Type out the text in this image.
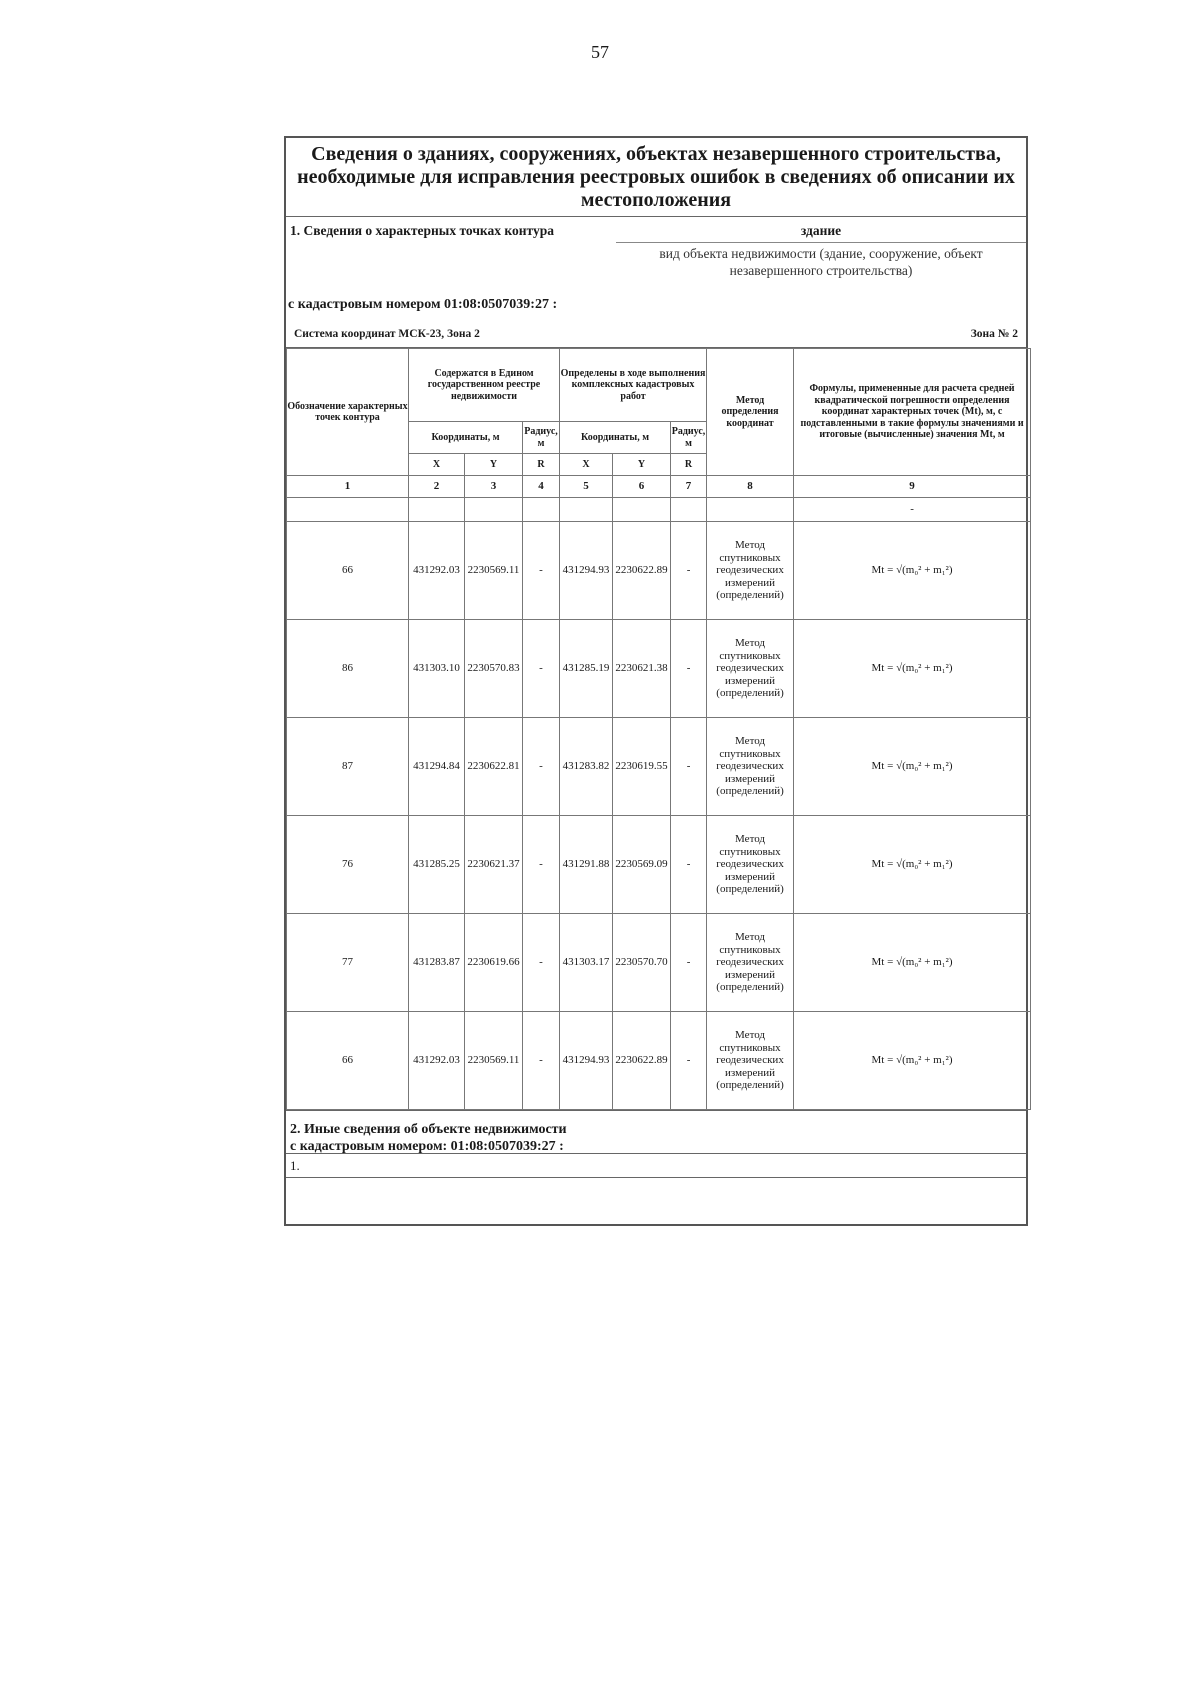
57
Сведения о зданиях, сооружениях, объектах незавершенного строительства, необходимые для исправления реестровых ошибок в сведениях об описании их местоположения
1. Сведения о характерных точках контура	здание
вид объекта недвижимости (здание, сооружение, объект незавершенного строительства)
с кадастровым номером 01:08:0507039:27 :
Система координат МСК-23, Зона 2	Зона № 2
Обозначение характерных точек контура	Содержатся в Едином государственном реестре недвижимости			Определены в ходе выполнения комплексных кадастровых работ			Метод определения координат	Формулы, примененные для расчета средней квадратической погрешности определения координат характерных точек (Mt), м, с подставленными в такие формулы значениями и итоговые (вычисленные) значения Mt, м
	Координаты, м		Радиус, м	Координаты, м		Радиус, м		
	X	Y	R	X	Y	R		
1	2	3	4	5	6	7	8	9
								-
66	431292.03	2230569.11	-	431294.93	2230622.89	-	Метод спутниковых геодезических измерений (определений)	Mt = √(m₀² + m₁²)
86	431303.10	2230570.83	-	431285.19	2230621.38	-	Метод спутниковых геодезических измерений (определений)	Mt = √(m₀² + m₁²)
87	431294.84	2230622.81	-	431283.82	2230619.55	-	Метод спутниковых геодезических измерений (определений)	Mt = √(m₀² + m₁²)
76	431285.25	2230621.37	-	431291.88	2230569.09	-	Метод спутниковых геодезических измерений (определений)	Mt = √(m₀² + m₁²)
77	431283.87	2230619.66	-	431303.17	2230570.70	-	Метод спутниковых геодезических измерений (определений)	Mt = √(m₀² + m₁²)
66	431292.03	2230569.11	-	431294.93	2230622.89	-	Метод спутниковых геодезических измерений (определений)	Mt = √(m₀² + m₁²)
2. Иные сведения об объекте недвижимости
с кадастровым номером: 01:08:0507039:27 :
1.
